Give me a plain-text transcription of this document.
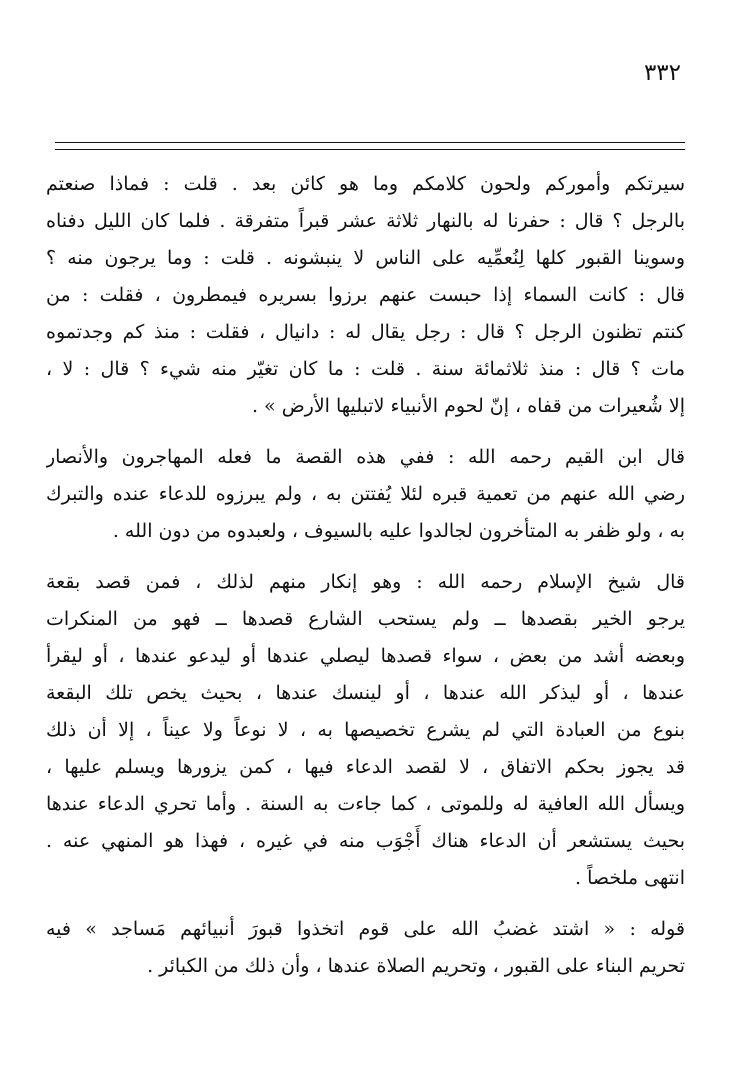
٣٣٢
سيرتكم وأموركم ولحون كلامكم وما هو كائن بعد . قلت : فماذا صنعتم
بالرجل ؟ قال : حفرنا له بالنهار ثلاثة عشر قبراً متفرقة . فلما كان الليل دفناه
وسوينا القبور كلها لِنُعمِّيه على الناس لا ينبشونه . قلت : وما يرجون منه ؟
قال : كانت السماء إذا حبست عنهم برزوا بسريره فيمطرون ، فقلت : من
كنتم تظنون الرجل ؟ قال : رجل يقال له : دانيال ، فقلت : منذ كم وجدتموه
مات ؟ قال : منذ ثلاثمائة سنة . قلت : ما كان تغيّر منه شيء ؟ قال : لا ،
إلا شُعيرات من قفاه ، إنّ لحوم الأنبياء لاتبليها الأرض » .
قال ابن القيم رحمه الله : ففي هذه القصة ما فعله المهاجرون والأنصار
رضي الله عنهم من تعمية قبره لئلا يُفتتن به ، ولم يبرزوه للدعاء عنده والتبرك
به ، ولو ظفر به المتأخرون لجالدوا عليه بالسيوف ، ولعبدوه من دون الله .
قال شيخ الإسلام رحمه الله : وهو إنكار منهم لذلك ، فمن قصد بقعة
يرجو الخير بقصدها ــ ولم يستحب الشارع قصدها ــ فهو من المنكرات
وبعضه أشد من بعض ، سواء قصدها ليصلي عندها أو ليدعو عندها ، أو ليقرأ
عندها ، أو ليذكر الله عندها ، أو لينسك عندها ، بحيث يخص تلك البقعة
بنوع من العبادة التي لم يشرع تخصيصها به ، لا نوعاً ولا عيناً ، إلا أن ذلك
قد يجوز بحكم الاتفاق ، لا لقصد الدعاء فيها ، كمن يزورها ويسلم عليها ،
ويسأل الله العافية له وللموتى ، كما جاءت به السنة . وأما تحري الدعاء عندها
بحيث يستشعر أن الدعاء هناك أَجْوَب منه في غيره ، فهذا هو المنهي عنه .
انتهى ملخصاً .
قوله : « اشتد غضبُ الله على قوم اتخذوا قبورَ أنبيائهم مَساجد » فيه
تحريم البناء على القبور ، وتحريم الصلاة عندها ، وأن ذلك من الكبائر .
